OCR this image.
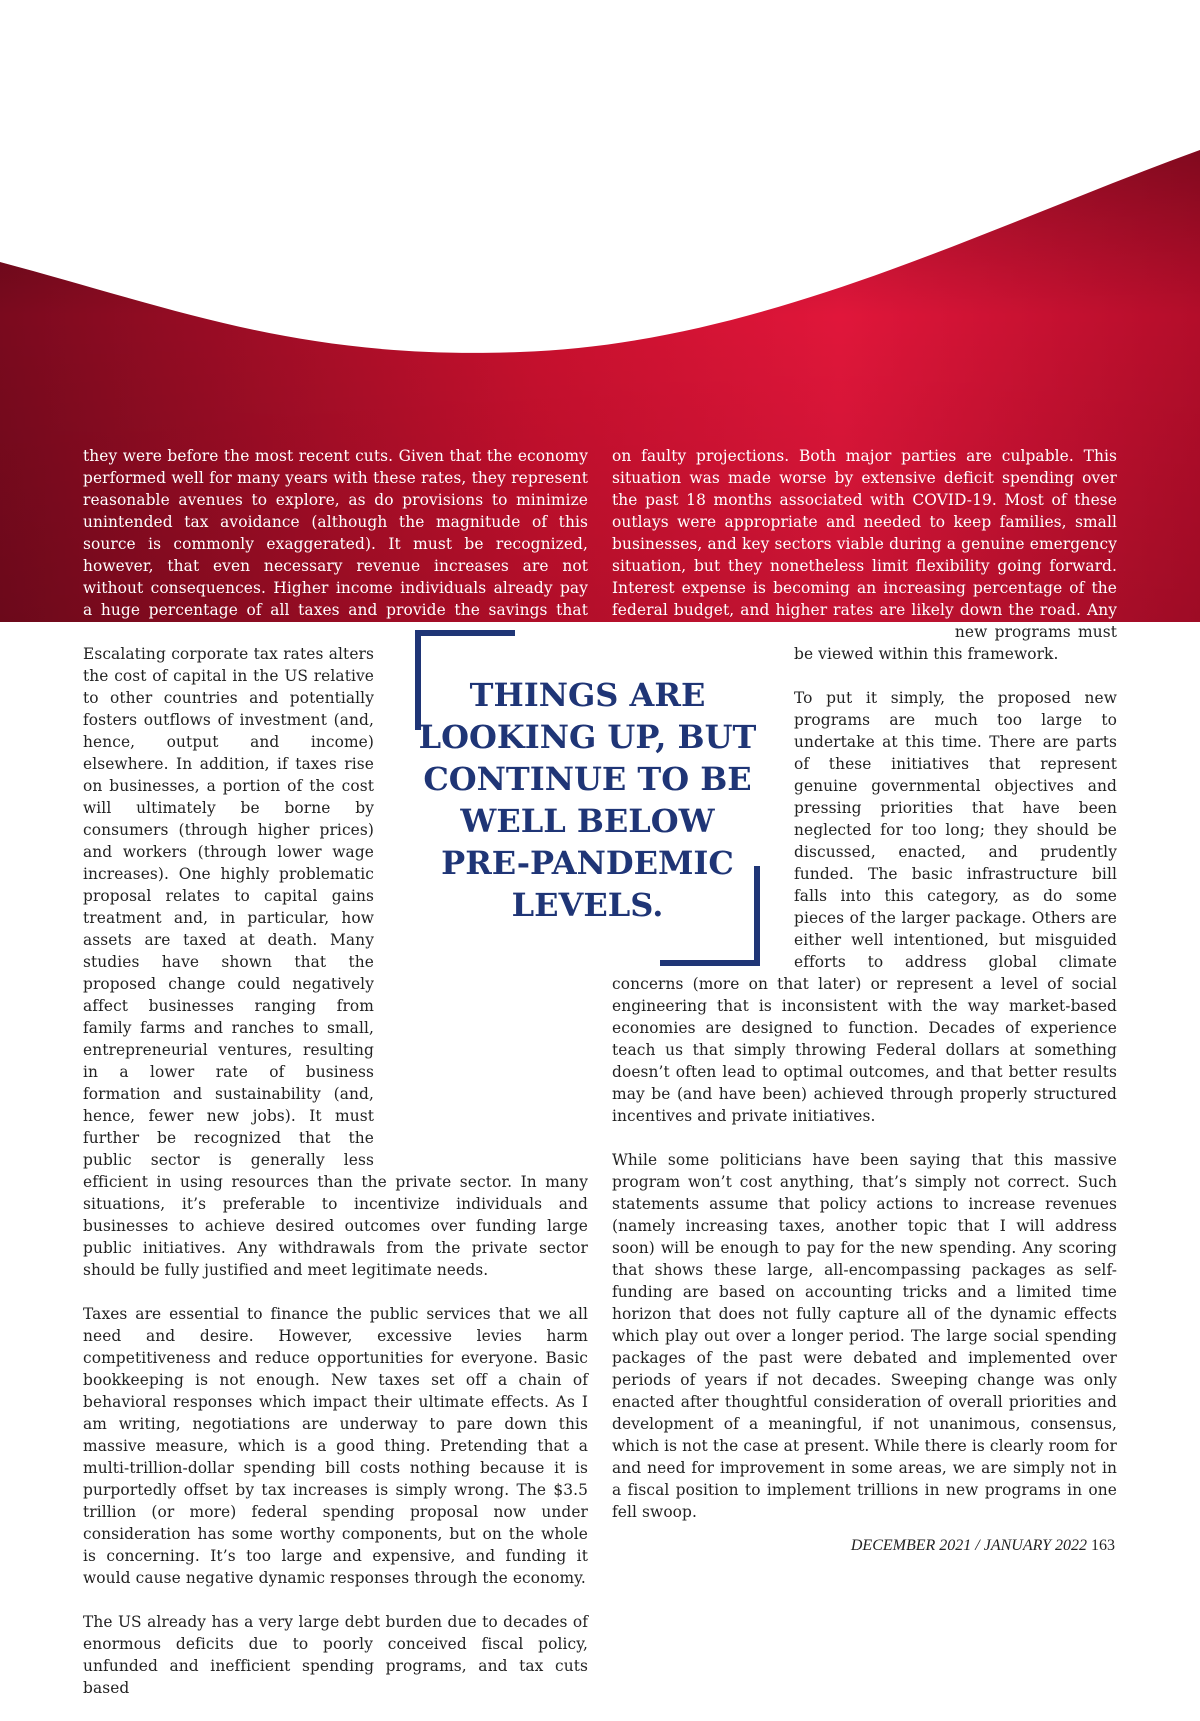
they were before the most recent cuts. Given that the economy performed well for many years with these rates, they represent reasonable avenues to explore, as do provisions to minimize unintended tax avoidance (although the magnitude of this source is commonly exaggerated). It must be recognized, however, that even necessary revenue increases are not without consequences. Higher income individuals already pay a huge percentage of all taxes and provide the savings that facilitate capital formation.
Escalating corporate tax rates alters the cost of capital in the US relative to other countries and potentially fosters outflows of investment (and, hence, output and income) elsewhere. In addition, if taxes rise on businesses, a portion of the cost will ultimately be borne by consumers (through higher prices) and workers (through lower wage increases). One highly problematic proposal relates to capital gains treatment and, in particular, how assets are taxed at death. Many studies have shown that the proposed change could negatively affect businesses ranging from family farms and ranches to small, entrepreneurial ventures, resulting in a lower rate of business formation and sustainability (and, hence, fewer new jobs). It must further be recognized that the public sector is generally less efficient in using resources than the private sector. In many situations, it’s preferable to incentivize individuals and businesses to achieve desired outcomes over funding large public initiatives. Any withdrawals from the private sector should be fully justified and meet legitimate needs.

Taxes are essential to finance the public services that we all need and desire. However, excessive levies harm competitiveness and reduce opportunities for everyone. Basic bookkeeping is not enough. New taxes set off a chain of behavioral responses which impact their ultimate effects. As I am writing, negotiations are underway to pare down this massive measure, which is a good thing. Pretending that a multi-trillion-dollar spending bill costs nothing because it is purportedly offset by tax increases is simply wrong. The $3.5 trillion (or more) federal spending proposal now under consideration has some worthy components, but on the whole is concerning. It’s too large and expensive, and funding it would cause negative dynamic responses through the economy.

The US already has a very large debt burden due to decades of enormous deficits due to poorly conceived fiscal policy, unfunded and inefficient spending programs, and tax cuts based

on faulty projections. Both major parties are culpable. This situation was made worse by extensive deficit spending over the past 18 months associated with COVID-19. Most of these outlays were appropriate and needed to keep families, small businesses, and key sectors viable during a genuine emergency situation, but they nonetheless limit flexibility going forward. Interest expense is becoming an increasing percentage of the federal budget, and higher rates are likely down the road. Any conversation about new programs must be viewed within this framework.

To put it simply, the proposed new programs are much too large to undertake at this time. There are parts of these initiatives that represent genuine governmental objectives and pressing priorities that have been neglected for too long; they should be discussed, enacted, and prudently funded. The basic infrastructure bill falls into this category, as do some pieces of the larger package. Others are either well intentioned, but misguided efforts to address global climate concerns (more on that later) or represent a level of social engineering that is inconsistent with the way market-based economies are designed to function. Decades of experience teach us that simply throwing Federal dollars at something doesn’t often lead to optimal outcomes, and that better results may be (and have been) achieved through properly structured incentives and private initiatives.

While some politicians have been saying that this massive program won’t cost anything, that’s simply not correct. Such statements assume that policy actions to increase revenues (namely increasing taxes, another topic that I will address soon) will be enough to pay for the new spending. Any scoring that shows these large, all-encompassing packages as self-funding are based on accounting tricks and a limited time horizon that does not fully capture all of the dynamic effects which play out over a longer period. The large social spending packages of the past were debated and implemented over periods of years if not decades. Sweeping change was only enacted after thoughtful consideration of overall priorities and development of a meaningful, if not unanimous, consensus, which is not the case at present. While there is clearly room for and need for improvement in some areas, we are simply not in a fiscal position to implement trillions in new programs in one fell swoop.

THINGS ARE LOOKING UP, BUT CONTINUE TO BE WELL BELOW PRE-PANDEMIC LEVELS.
DECEMBER 2021 / JANUARY 2022 163
